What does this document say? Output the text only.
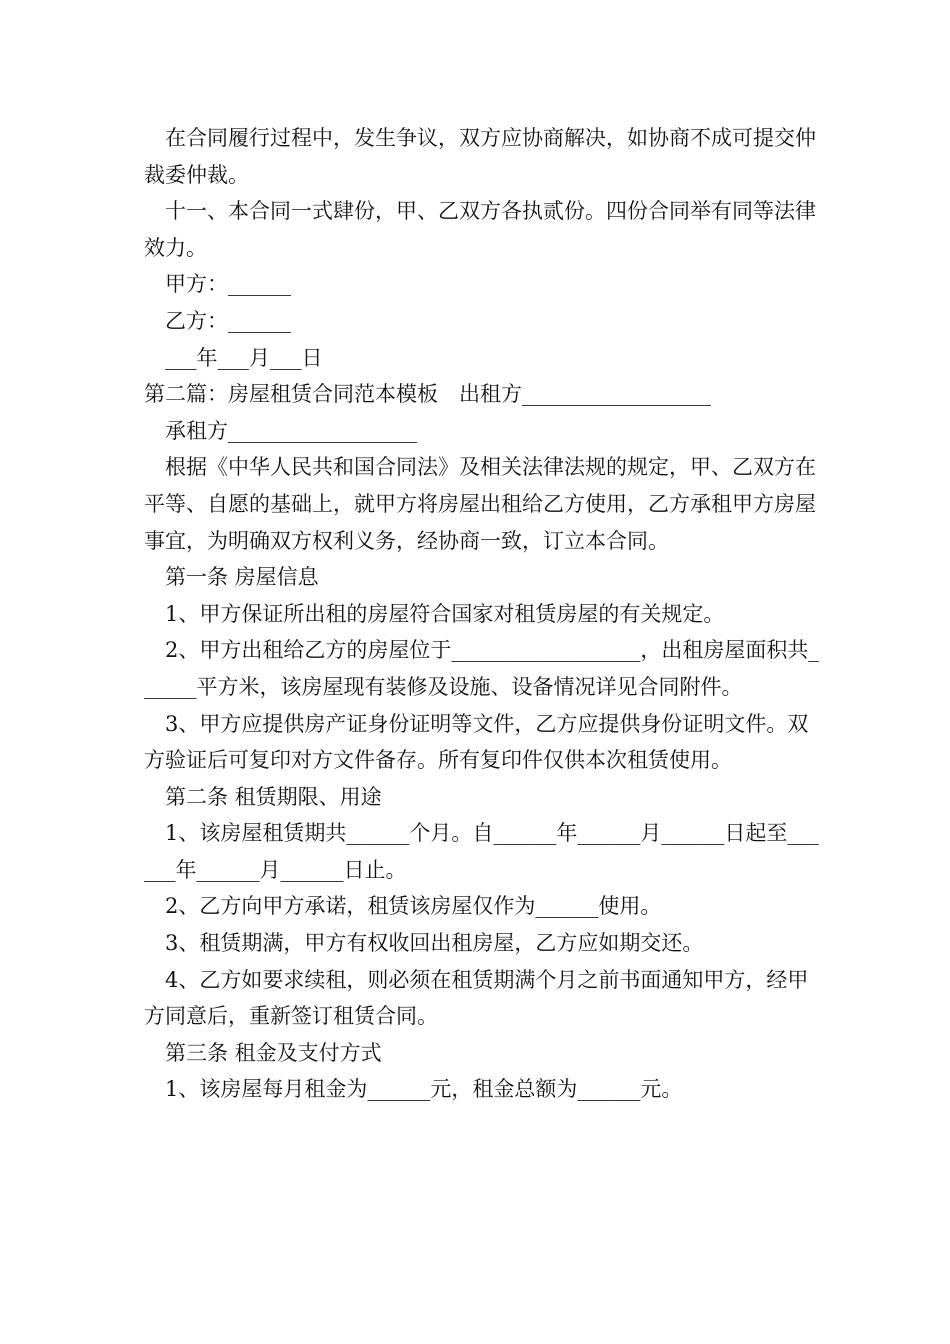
在合同履行过程中，发生争议，双方应协商解决，如协商不成可提交仲裁委仲裁。

十一、本合同一式肆份，甲、乙双方各执贰份。四份合同举有同等法律效力。

甲方：______

乙方：______

___年___月___日

第二篇：房屋租赁合同范本模板　出租方__________________

承租方__________________

根据《中华人民共和国合同法》及相关法律法规的规定，甲、乙双方在平等、自愿的基础上，就甲方将房屋出租给乙方使用，乙方承租甲方房屋事宜，为明确双方权利义务，经协商一致，订立本合同。

第一条 房屋信息

1、甲方保证所出租的房屋符合国家对租赁房屋的有关规定。

2、甲方出租给乙方的房屋位于__________________，出租房屋面积共______平方米，该房屋现有装修及设施、设备情况详见合同附件。

3、甲方应提供房产证身份证明等文件，乙方应提供身份证明文件。双方验证后可复印对方文件备存。所有复印件仅供本次租赁使用。

第二条 租赁期限、用途

1、该房屋租赁期共______个月。自______年______月______日起至______年______月______日止。

2、乙方向甲方承诺，租赁该房屋仅作为______使用。

3、租赁期满，甲方有权收回出租房屋，乙方应如期交还。

4、乙方如要求续租，则必须在租赁期满个月之前书面通知甲方，经甲方同意后，重新签订租赁合同。

第三条 租金及支付方式

1、该房屋每月租金为______元，租金总额为______元。
